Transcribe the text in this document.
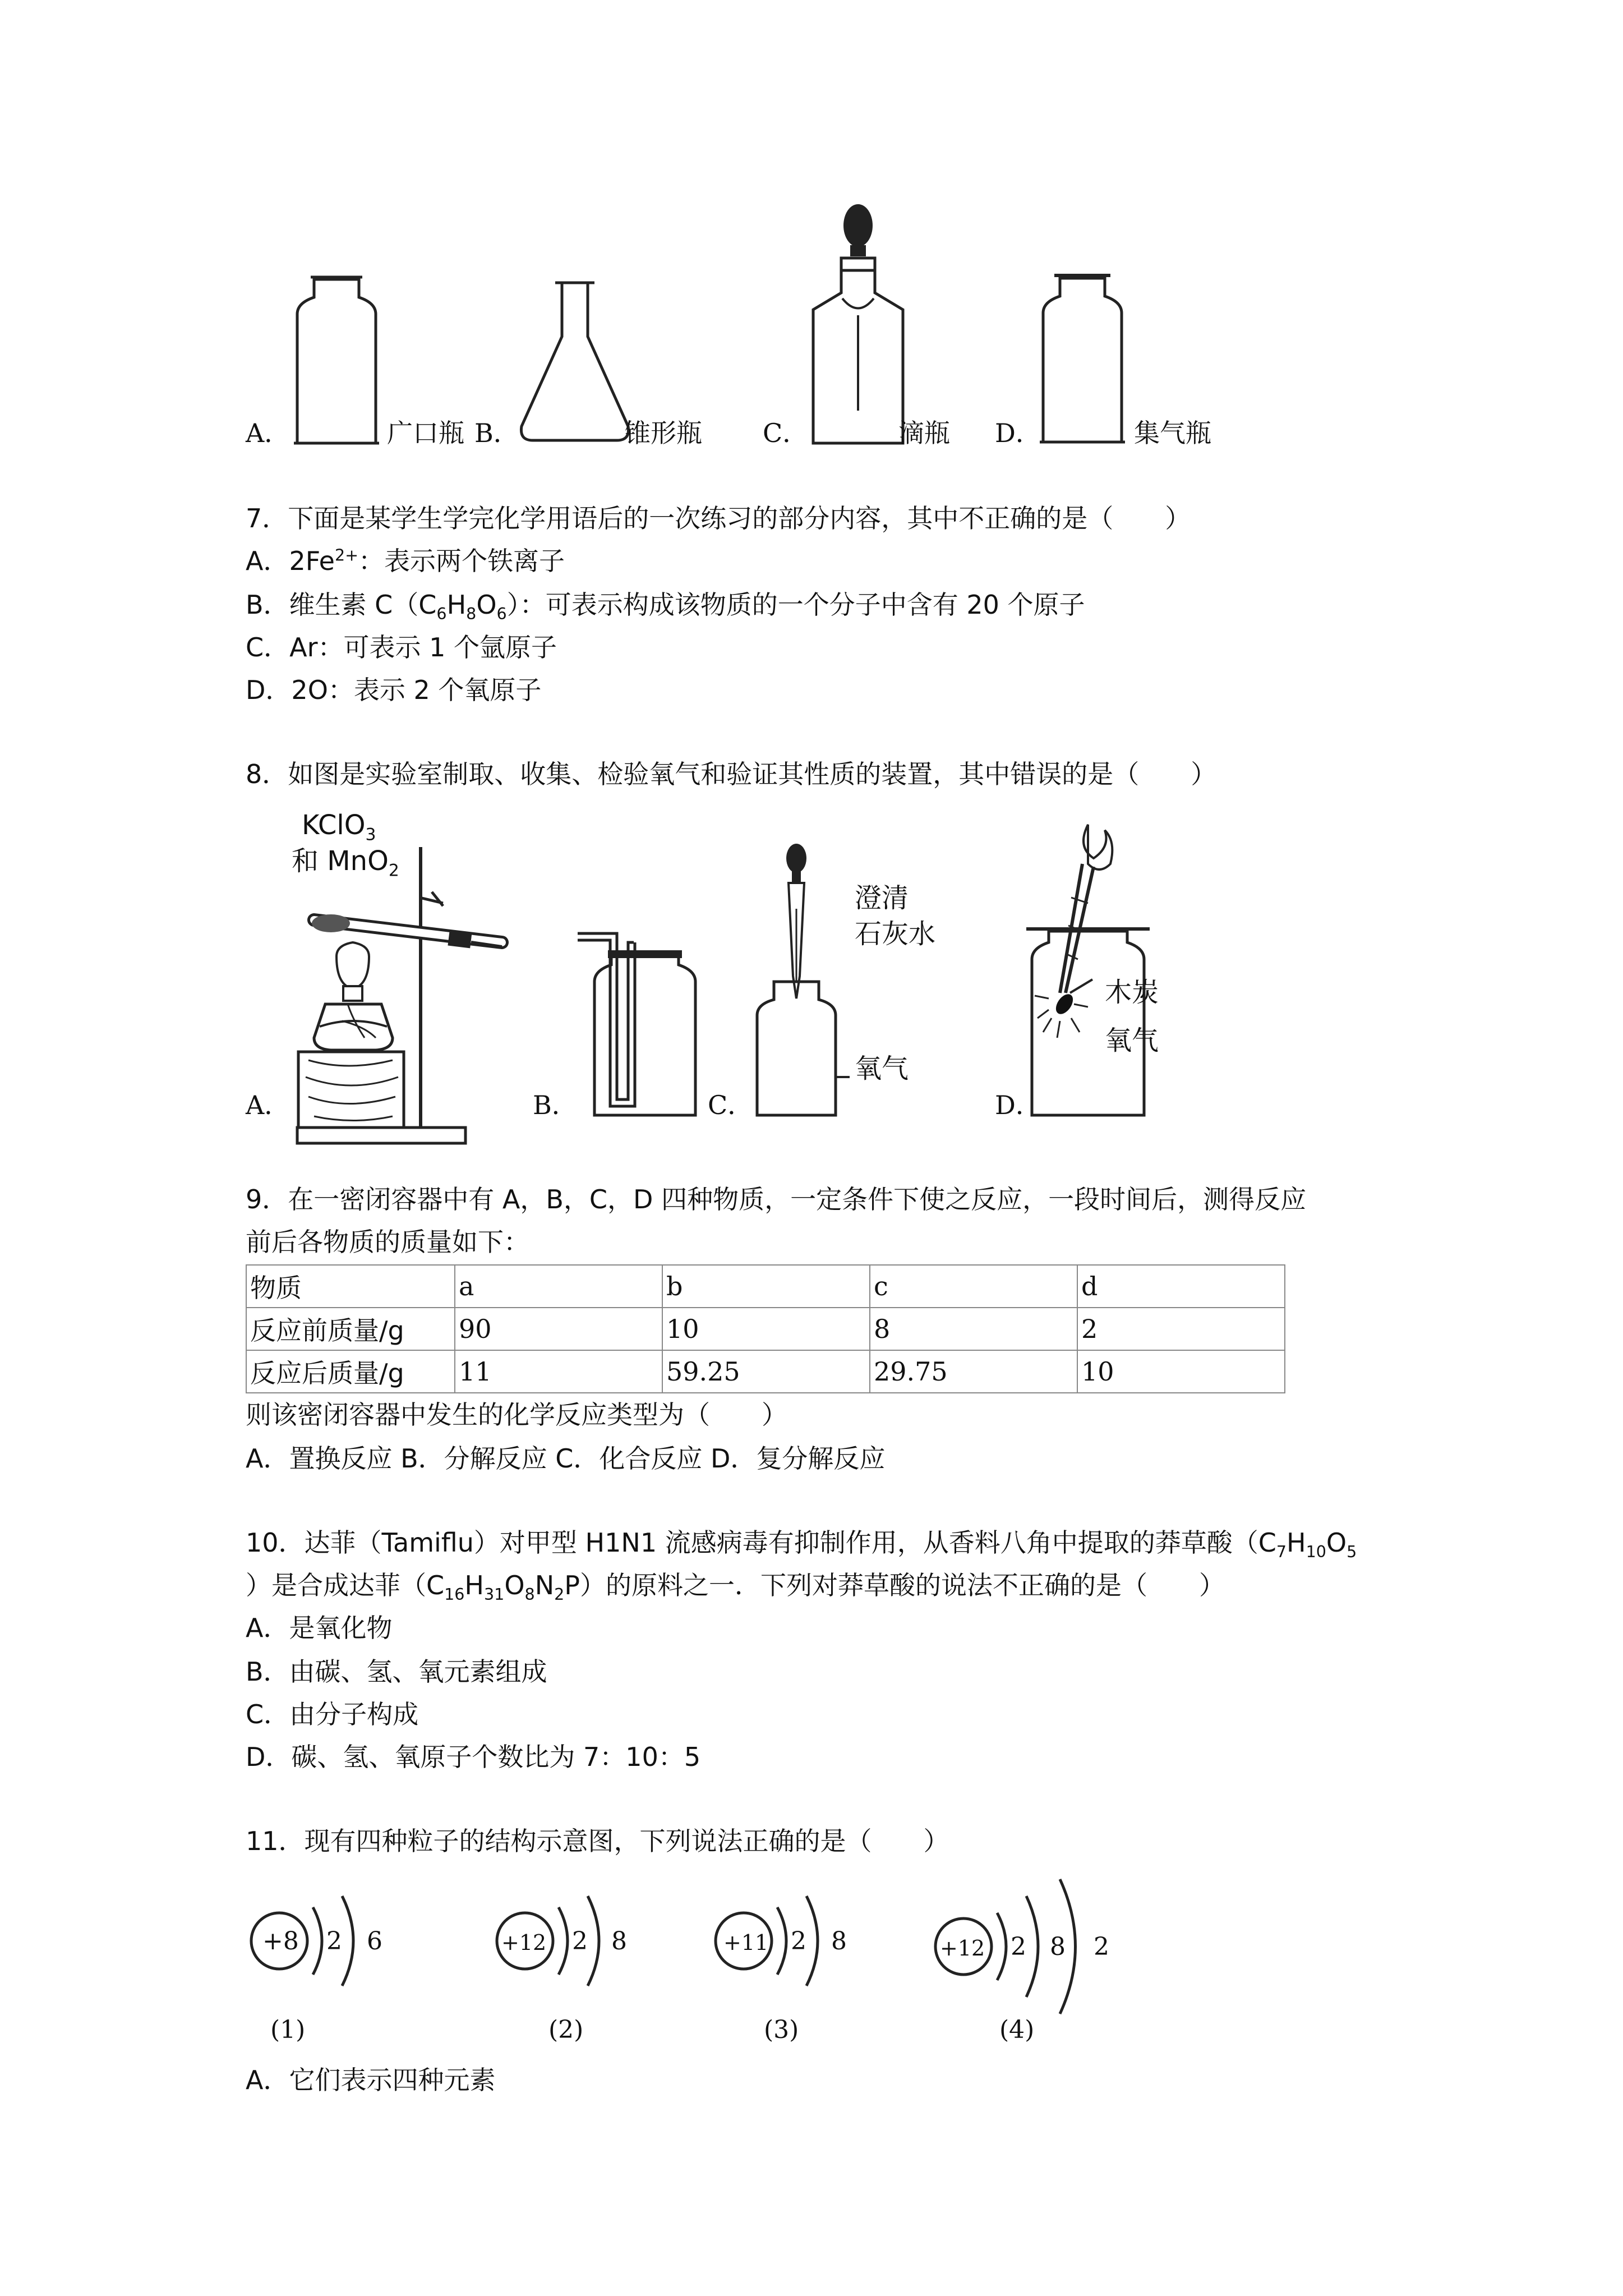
A．	广口瓶 B．	锥形瓶 C．	滴瓶 D．	集气瓶
7．下面是某学生学完化学用语后的一次练习的部分内容，其中不正确的是（　　）
A．$2Fe^{2+}$：表示两个铁离子
B．维生素 $C(C_6H_8O_6)$：可表示构成该物质的一个分子中含有 20 个原子
C．Ar：可表示 1 个氩原子
D．2O：表示 2 个氧原子
8．如图是实验室制取、收集、检验氧气和验证其性质的装置，其中错误的是（　　）
KClO$_3$
和 MnO$_2$
澄清
石灰水
氧气
木炭
氧气
A．	B．	C．	D．
9．在一密闭容器中有 A，B，C，D 四种物质，一定条件下使之反应，一段时间后，测得反应
前后各物质的质量如下：
物质	a	b	c	d
反应前质量/g	90	10	8	2
反应后质量/g	11	59.25	29.75	10
则该密闭容器中发生的化学反应类型为（　　）
A．置换反应 B．分解反应 C．化合反应 D．复分解反应
10．达菲（Tamiflu）对甲型 H1N1 流感病毒有抑制作用，从香料八角中提取的莽草酸（$C_7H_{10}O_5$
）是合成达菲$(C_{16}H_{31}O_8N_2P)$的原料之一．下列对莽草酸的说法不正确的是（　　）
A．是氧化物
B．由碳、氢、氧元素组成
C．由分子构成
D．碳、氢、氧原子个数比为 7：10：5
11．现有四种粒子的结构示意图，下列说法正确的是（　　）
+8 2 6
(1)
+12 2 8
(2)
+11 2 8
(3)
+12 2 8 2
(4)
A．它们表示四种元素
